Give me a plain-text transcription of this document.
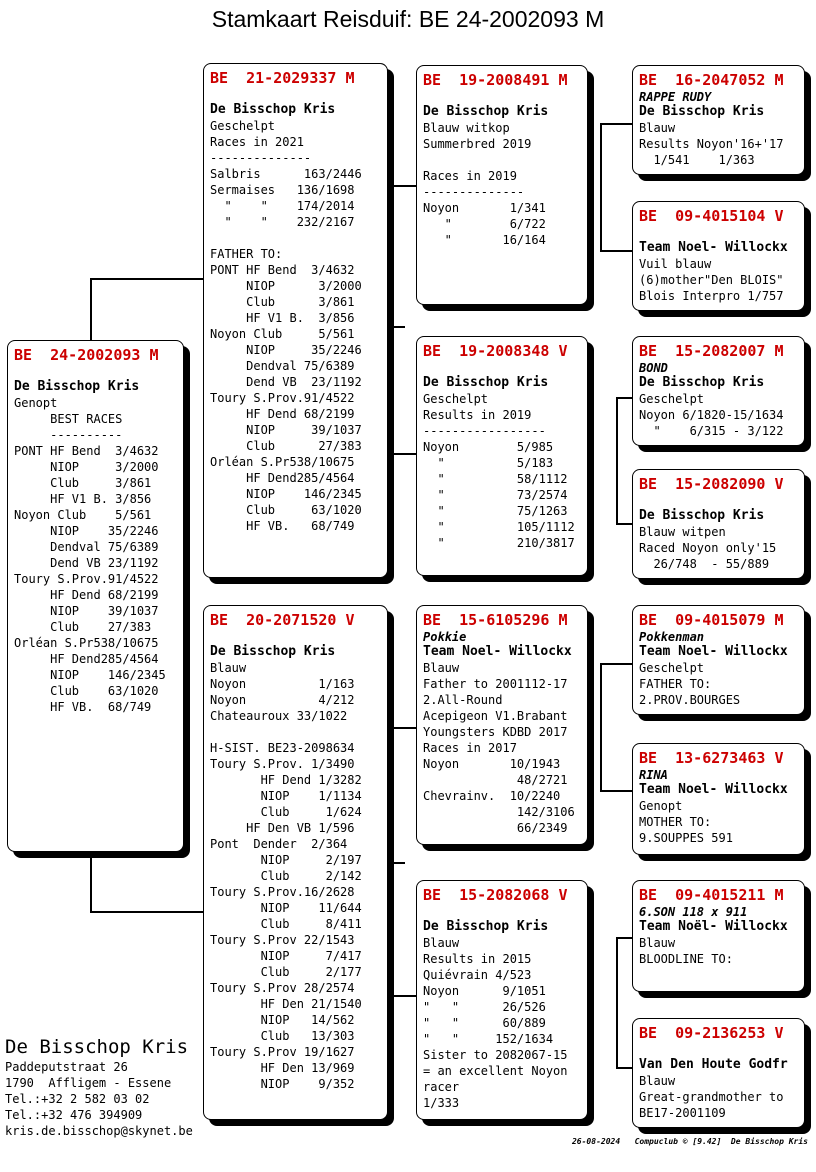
Stamkaart Reisduif: BE 24-2002093 M
BE  24-2002093 M
De Bisschop Kris
Genopt
BEST RACES
----------
PONT HF Bend  3/4632
NIOP     3/2000
Club     3/861
HF V1 B. 3/856
Noyon Club    5/561
NIOP    35/2246
Dendval 75/6389
Dend VB 23/1192
Toury S.Prov.91/4522
HF Dend 68/2199
NIOP    39/1037
Club    27/383
Orléan S.Pr538/10675
HF Dend285/4564
NIOP    146/2345
Club    63/1020
HF VB.  68/749
BE  21-2029337 M
De Bisschop Kris
Geschelpt
Races in 2021
--------------
Salbris      163/2446
Sermaises   136/1698
"    "    174/2014
"    "    232/2167
FATHER TO:
PONT HF Bend  3/4632
NIOP      3/2000
Club      3/861
HF V1 B.  3/856
Noyon Club     5/561
NIOP     35/2246
Dendval 75/6389
Dend VB  23/1192
Toury S.Prov.91/4522
HF Dend 68/2199
NIOP     39/1037
Club      27/383
Orléan S.Pr538/10675
HF Dend285/4564
NIOP    146/2345
Club     63/1020
HF VB.   68/749
BE  20-2071520 V
De Bisschop Kris
Blauw
Noyon          1/163
Noyon          4/212
Chateauroux 33/1022
H-SIST. BE23-2098634
Toury S.Prov. 1/3490
HF Dend 1/3282
NIOP    1/1134
Club     1/624
HF Den VB 1/596
Pont  Dender  2/364
NIOP     2/197
Club     2/142
Toury S.Prov.16/2628
NIOP    11/644
Club     8/411
Toury S.Prov 22/1543
NIOP     7/417
Club     2/177
Toury S.Prov 28/2574
HF Den 21/1540
NIOP   14/562
Club   13/303
Toury S.Prov 19/1627
HF Den 13/969
NIOP    9/352
BE  19-2008491 M
De Bisschop Kris
Blauw witkop
Summerbred 2019
Races in 2019
--------------
Noyon       1/341
"        6/722
"       16/164
BE  19-2008348 V
De Bisschop Kris
Geschelpt
Results in 2019
-----------------
Noyon        5/985
"          5/183
"          58/1112
"          73/2574
"          75/1263
"          105/1112
"          210/3817
BE  15-6105296 M
Pokkie
Team Noel- Willockx
Blauw
Father to 2001112-17
2.All-Round
Acepigeon V1.Brabant
Youngsters KDBD 2017
Races in 2017
Noyon       10/1943
48/2721
Chevrainv.  10/2240
142/3106
66/2349
BE  15-2082068 V
De Bisschop Kris
Blauw
Results in 2015
Quiévrain 4/523
Noyon      9/1051
"   "      26/526
"   "      60/889
"   "     152/1634
Sister to 2082067-15
= an excellent Noyon
racer
1/333
BE  16-2047052 M
RAPPE RUDY
De Bisschop Kris
Blauw
Results Noyon'16+'17
1/541    1/363
BE  09-4015104 V
Team Noel- Willockx
Vuil blauw
(6)mother"Den BLOIS"
Blois Interpro 1/757
BE  15-2082007 M
BOND
De Bisschop Kris
Geschelpt
Noyon 6/1820-15/1634
"    6/315 - 3/122
BE  15-2082090 V
De Bisschop Kris
Blauw witpen
Raced Noyon only'15
26/748  - 55/889
BE  09-4015079 M
Pokkenman
Team Noel- Willockx
Geschelpt
FATHER TO:
2.PROV.BOURGES
BE  13-6273463 V
RINA
Team Noel- Willockx
Genopt
MOTHER TO:
9.SOUPPES 591
BE  09-4015211 M
6.SON 118 x 911
Team Noël- Willockx
Blauw
BLOODLINE TO:
BE  09-2136253 V
Van Den Houte Godfr
Blauw
Great-grandmother to
BE17-2001109
De Bisschop Kris
Paddeputstraat 26
1790  Affligem - Essene
Tel.:+32 2 582 03 02
Tel.:+32 476 394909
kris.de.bisschop@skynet.be
26-08-2024   Compuclub © [9.42]  De Bisschop Kris
